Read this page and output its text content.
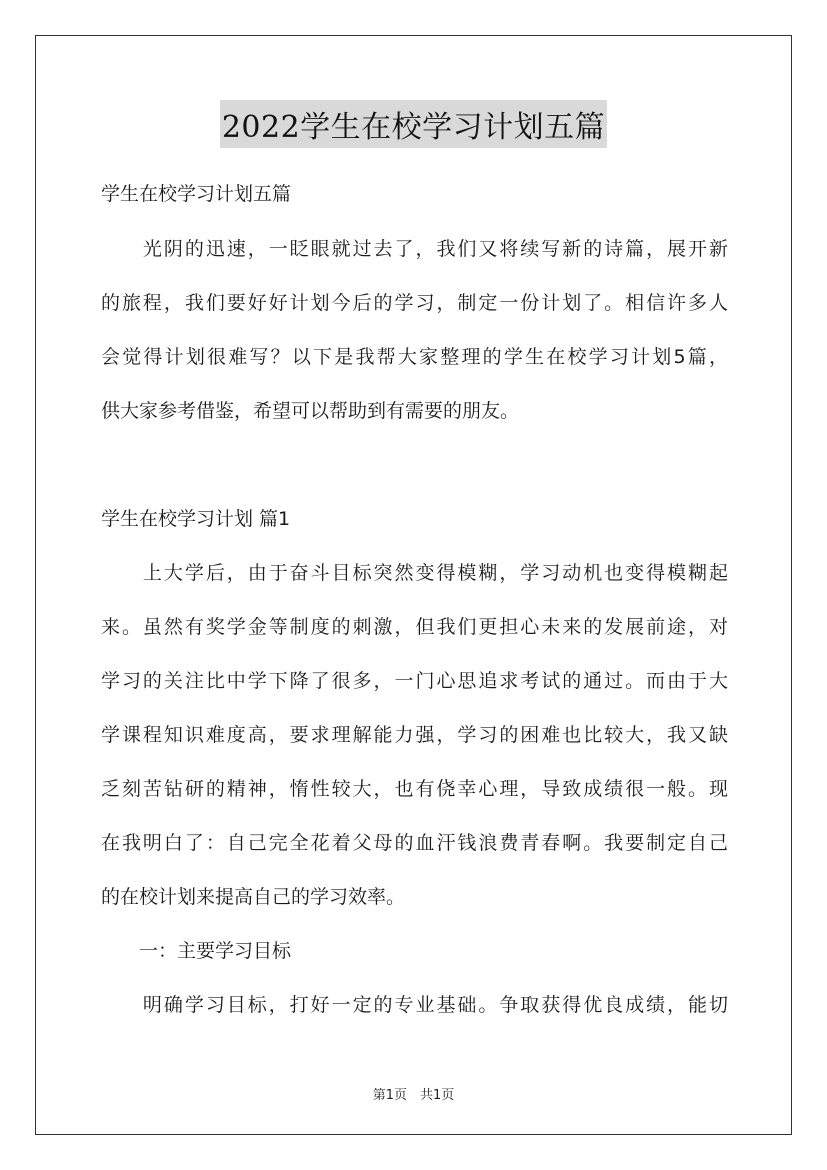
2022学生在校学习计划五篇
学生在校学习计划五篇
　　光阴的迅速，一眨眼就过去了，我们又将续写新的诗篇，展开新
的旅程，我们要好好计划今后的学习，制定一份计划了。相信许多人
会觉得计划很难写？以下是我帮大家整理的学生在校学习计划5篇，
供大家参考借鉴，希望可以帮助到有需要的朋友。
学生在校学习计划 篇1
　　上大学后，由于奋斗目标突然变得模糊，学习动机也变得模糊起
来。虽然有奖学金等制度的刺激，但我们更担心未来的发展前途，对
学习的关注比中学下降了很多，一门心思追求考试的通过。而由于大
学课程知识难度高，要求理解能力强，学习的困难也比较大，我又缺
乏刻苦钻研的精神，惰性较大，也有侥幸心理，导致成绩很一般。现
在我明白了：自己完全花着父母的血汗钱浪费青春啊。我要制定自己
的在校计划来提高自己的学习效率。
　　一：主要学习目标
　　明确学习目标，打好一定的专业基础。争取获得优良成绩，能切
第1页　共1页
